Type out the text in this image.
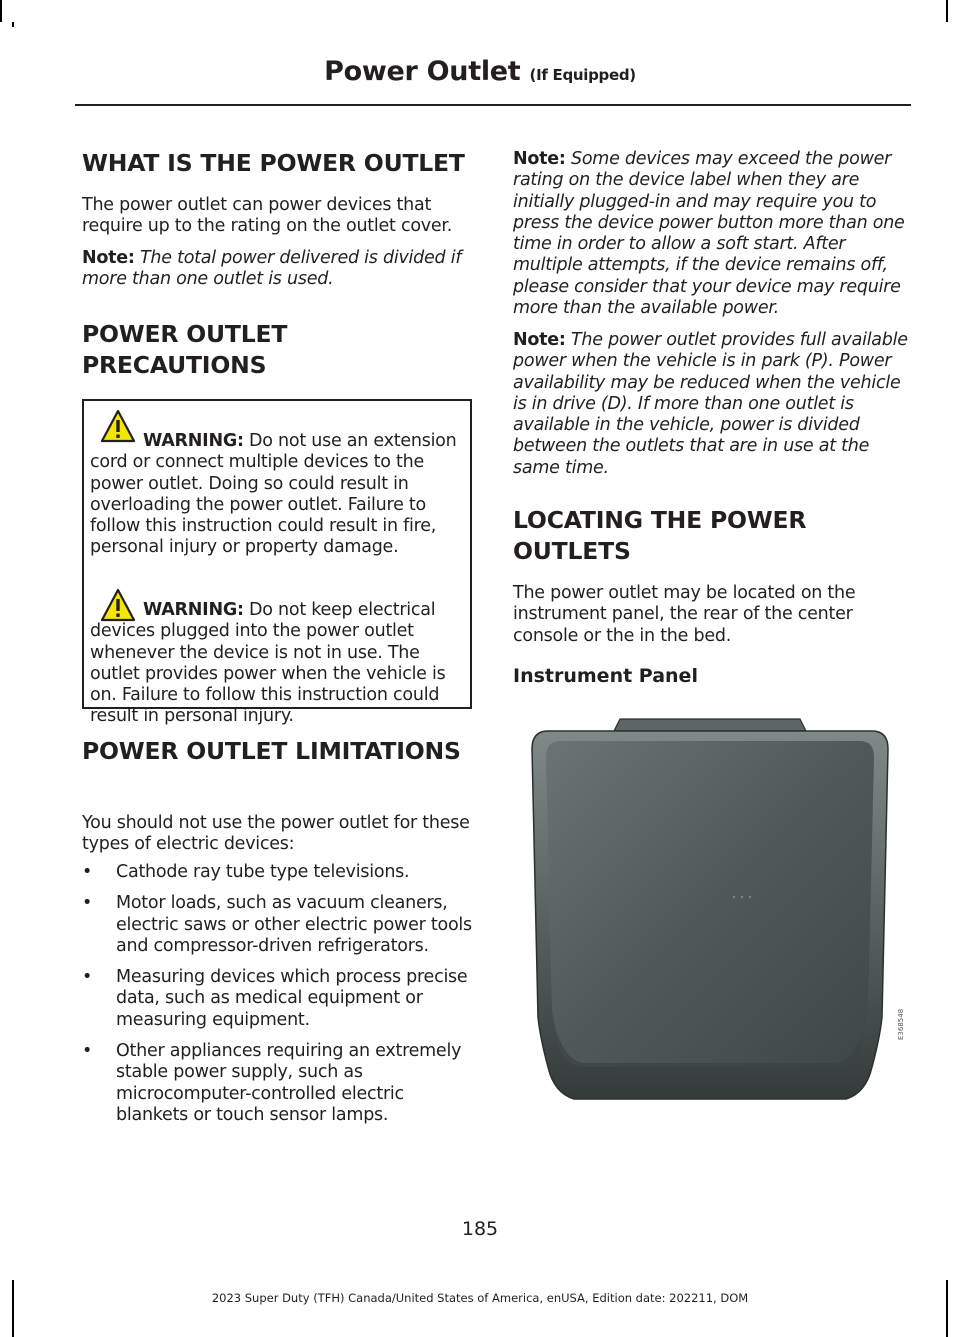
Power Outlet (If Equipped)
WHAT IS THE POWER OUTLET

The power outlet can power devices that require up to the rating on the outlet cover.

Note: The total power delivered is divided if more than one outlet is used.

POWER OUTLET
PRECAUTIONS

WARNING: Do not use an extension cord or connect multiple devices to the power outlet. Doing so could result in overloading the power outlet. Failure to follow this instruction could result in fire, personal injury or property damage.

WARNING: Do not keep electrical devices plugged into the power outlet whenever the device is not in use. The outlet provides power when the vehicle is on. Failure to follow this instruction could result in personal injury.

POWER OUTLET LIMITATIONS

You should not use the power outlet for these types of electric devices:

• Cathode ray tube type televisions.
• Motor loads, such as vacuum cleaners, electric saws or other electric power tools and compressor-driven refrigerators.
• Measuring devices which process precise data, such as medical equipment or measuring equipment.
• Other appliances requiring an extremely stable power supply, such as microcomputer-controlled electric blankets or touch sensor lamps.

Note: Some devices may exceed the power rating on the device label when they are initially plugged-in and may require you to press the device power button more than one time in order to allow a soft start. After multiple attempts, if the device remains off, please consider that your device may require more than the available power.

Note: The power outlet provides full available power when the vehicle is in park (P). Power availability may be reduced when the vehicle is in drive (D). If more than one outlet is available in the vehicle, power is divided between the outlets that are in use at the same time.

LOCATING THE POWER
OUTLETS

The power outlet may be located on the instrument panel, the rear of the center console or the in the bed.

Instrument Panel
E368548
185
2023 Super Duty (TFH) Canada/United States of America, enUSA, Edition date: 202211, DOM
